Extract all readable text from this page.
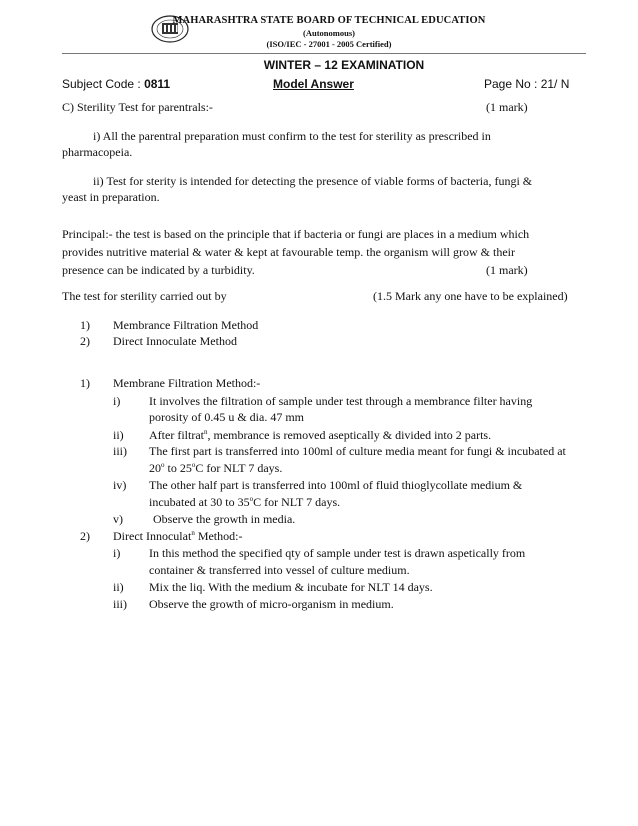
MAHARASHTRA STATE BOARD OF TECHNICAL EDUCATION
(Autonomous)
(ISO/IEC - 27001 - 2005 Certified)
WINTER – 12 EXAMINATION
Subject Code : 0811	Model Answer	Page No : 21/ N
C) Sterility Test for parentrals:-	(1 mark)
i) All the parentral preparation must confirm to the test for sterility as prescribed in
pharmacopeia.
ii) Test for sterity is intended for detecting the presence of viable forms of bacteria, fungi &
yeast in preparation.
Principal:- the test is based on the principle that if bacteria or fungi are places in a medium which
provides nutritive material & water & kept at favourable temp. the organism will grow & their
presence can be indicated by a turbidity.	(1 mark)
The test for sterility carried out by	(1.5 Mark any one have to be explained)
1) Membrance Filtration Method
2) Direct Innoculate Method
1) Membrane Filtration Method:-
i) It involves the filtration of sample under test through a membrance filter having
porosity of 0.45 u & dia. 47 mm
ii) After filtrat$^n$, membrance is removed aseptically & divided into 2 parts.
iii) The first part is transferred into 100ml of culture media meant for fungi & incubated at
20$^o$ to 25$^o$C for NLT 7 days.
iv) The other half part is transferred into 100ml of fluid thioglycollate medium &
incubated at 30 to 35$^o$C for NLT 7 days.
v)	Observe the growth in media.
2) Direct Innoculat$^n$ Method:-
i) In this method the specified qty of sample under test is drawn aspetically from
container & transferred into vessel of culture medium.
ii) Mix the liq. With the medium & incubate for NLT 14 days.
iii) Observe the growth of micro-organism in medium.
